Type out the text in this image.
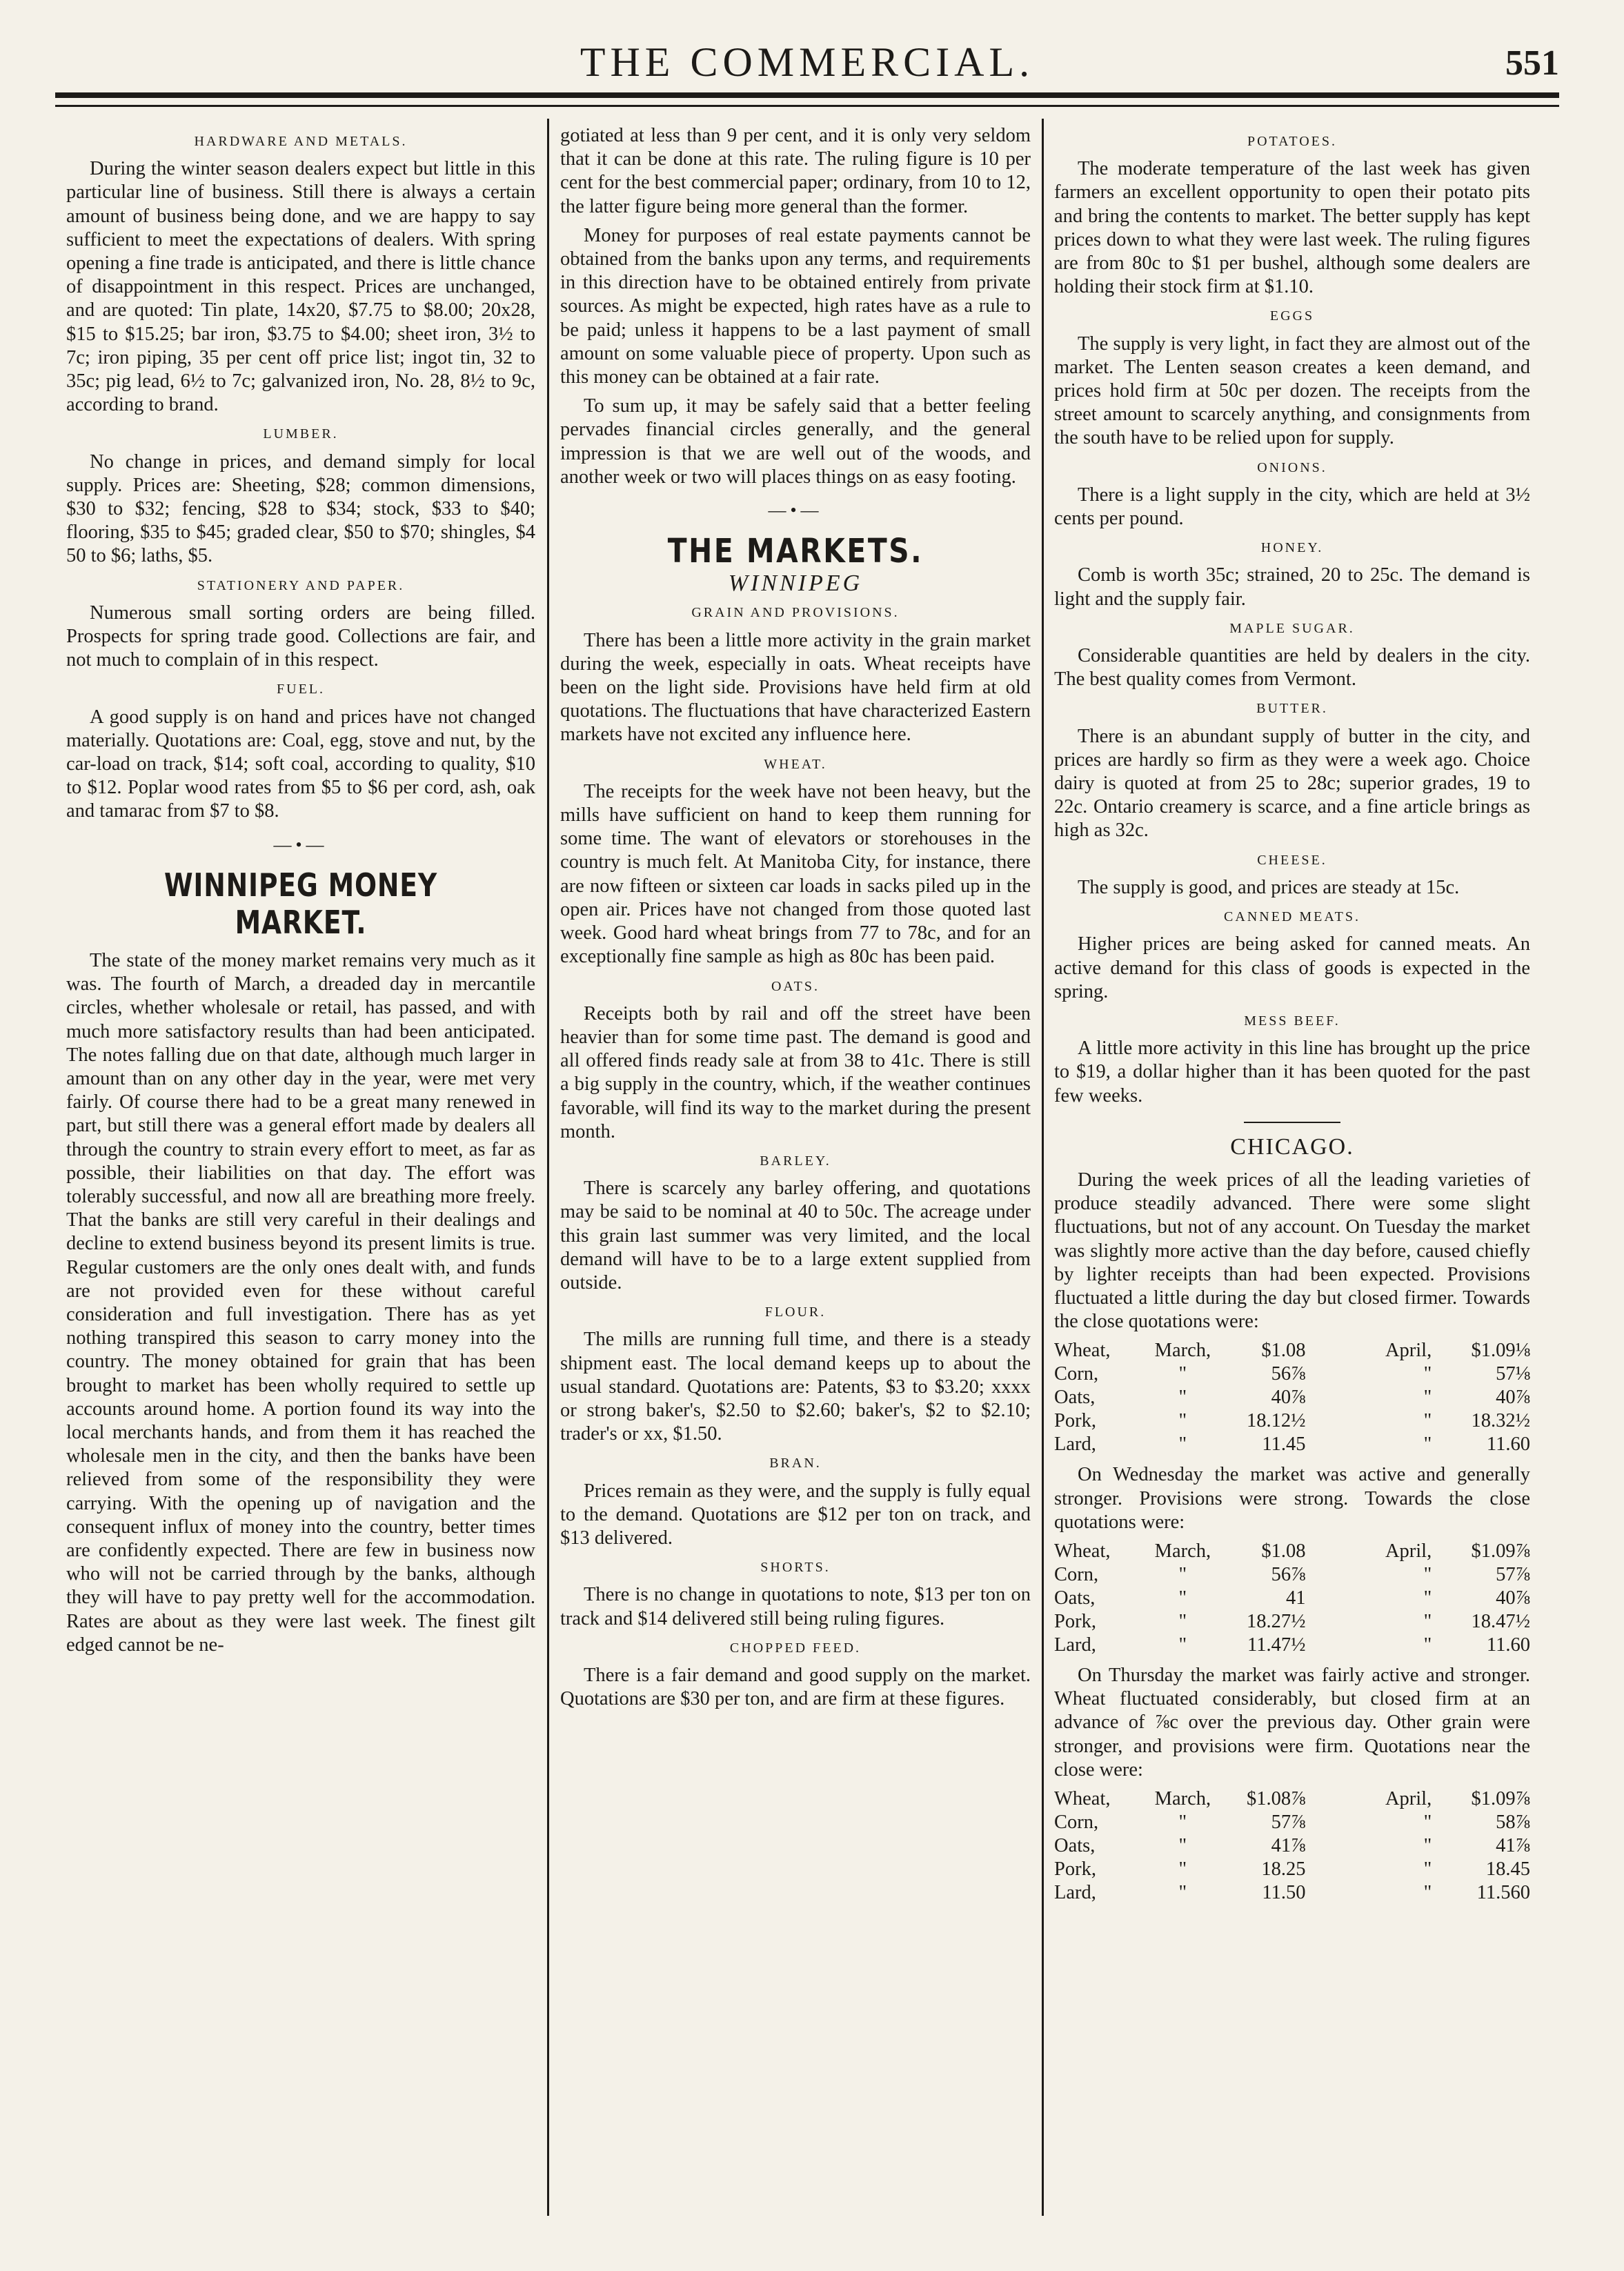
THE COMMERCIAL.	551
HARDWARE AND METALS.

During the winter season dealers expect but little in this particular line of business. Still there is always a certain amount of business being done, and we are happy to say sufficient to meet the expectations of dealers. With spring opening a fine trade is anticipated, and there is little chance of disappointment in this respect. Prices are unchanged, and are quoted: Tin plate, 14x20, $7.75 to $8.00; 20x28, $15 to $15.25; bar iron, $3.75 to $4.00; sheet iron, 3½ to 7c; iron piping, 35 per cent off price list; ingot tin, 32 to 35c; pig lead, 6½ to 7c; galvanized iron, No. 28, 8½ to 9c, according to brand.

LUMBER.

No change in prices, and demand simply for local supply. Prices are: Sheeting, $28; common dimensions, $30 to $32; fencing, $28 to $34; stock, $33 to $40; flooring, $35 to $45; graded clear, $50 to $70; shingles, $4 50 to $6; laths, $5.

STATIONERY AND PAPER.

Numerous small sorting orders are being filled. Prospects for spring trade good. Collections are fair, and not much to complain of in this respect.

FUEL.

A good supply is on hand and prices have not changed materially. Quotations are: Coal, egg, stove and nut, by the car-load on track, $14; soft coal, according to quality, $10 to $12. Poplar wood rates from $5 to $6 per cord, ash, oak and tamarac from $7 to $8.

—•—
WINNIPEG MONEY MARKET.

The state of the money market remains very much as it was. The fourth of March, a dreaded day in mercantile circles, whether wholesale or retail, has passed, and with much more satisfactory results than had been anticipated. The notes falling due on that date, although much larger in amount than on any other day in the year, were met very fairly. Of course there had to be a great many renewed in part, but still there was a general effort made by dealers all through the country to strain every effort to meet, as far as possible, their liabilities on that day. The effort was tolerably successful, and now all are breathing more freely. That the banks are still very careful in their dealings and decline to extend business beyond its present limits is true. Regular customers are the only ones dealt with, and funds are not provided even for these without careful consideration and full investigation. There has as yet nothing transpired this season to carry money into the country. The money obtained for grain that has been brought to market has been wholly required to settle up accounts around home. A portion found its way into the local merchants hands, and from them it has reached the wholesale men in the city, and then the banks have been relieved from some of the responsibility they were carrying. With the opening up of navigation and the consequent influx of money into the country, better times are confidently expected. There are few in business now who will not be carried through by the banks, although they will have to pay pretty well for the accommodation. Rates are about as they were last week. The finest gilt edged cannot be ne-

gotiated at less than 9 per cent, and it is only very seldom that it can be done at this rate. The ruling figure is 10 per cent for the best commercial paper; ordinary, from 10 to 12, the latter figure being more general than the former.

Money for purposes of real estate payments cannot be obtained from the banks upon any terms, and requirements in this direction have to be obtained entirely from private sources. As might be expected, high rates have as a rule to be paid; unless it happens to be a last payment of small amount on some valuable piece of property. Upon such as this money can be obtained at a fair rate.

To sum up, it may be safely said that a better feeling pervades financial circles generally, and the general impression is that we are well out of the woods, and another week or two will places things on as easy footing.

—•—
THE MARKETS.
WINNIPEG
GRAIN AND PROVISIONS.

There has been a little more activity in the grain market during the week, especially in oats. Wheat receipts have been on the light side. Provisions have held firm at old quotations. The fluctuations that have characterized Eastern markets have not excited any influence here.

WHEAT.

The receipts for the week have not been heavy, but the mills have sufficient on hand to keep them running for some time. The want of elevators or storehouses in the country is much felt. At Manitoba City, for instance, there are now fifteen or sixteen car loads in sacks piled up in the open air. Prices have not changed from those quoted last week. Good hard wheat brings from 77 to 78c, and for an exceptionally fine sample as high as 80c has been paid.

OATS.

Receipts both by rail and off the street have been heavier than for some time past. The demand is good and all offered finds ready sale at from 38 to 41c. There is still a big supply in the country, which, if the weather continues favorable, will find its way to the market during the present month.

BARLEY.

There is scarcely any barley offering, and quotations may be said to be nominal at 40 to 50c. The acreage under this grain last summer was very limited, and the local demand will have to be to a large extent supplied from outside.

FLOUR.

The mills are running full time, and there is a steady shipment east. The local demand keeps up to about the usual standard. Quotations are: Patents, $3 to $3.20; xxxx or strong baker's, $2.50 to $2.60; baker's, $2 to $2.10; trader's or xx, $1.50.

BRAN.

Prices remain as they were, and the supply is fully equal to the demand. Quotations are $12 per ton on track, and $13 delivered.

SHORTS.

There is no change in quotations to note, $13 per ton on track and $14 delivered still being ruling figures.

CHOPPED FEED.

There is a fair demand and good supply on the market. Quotations are $30 per ton, and are firm at these figures.

POTATOES.

The moderate temperature of the last week has given farmers an excellent opportunity to open their potato pits and bring the contents to market. The better supply has kept prices down to what they were last week. The ruling figures are from 80c to $1 per bushel, although some dealers are holding their stock firm at $1.10.

EGGS

The supply is very light, in fact they are almost out of the market. The Lenten season creates a keen demand, and prices hold firm at 50c per dozen. The receipts from the street amount to scarcely anything, and consignments from the south have to be relied upon for supply.

ONIONS.

There is a light supply in the city, which are held at 3½ cents per pound.

HONEY.

Comb is worth 35c; strained, 20 to 25c. The demand is light and the supply fair.

MAPLE SUGAR.

Considerable quantities are held by dealers in the city. The best quality comes from Vermont.

BUTTER.

There is an abundant supply of butter in the city, and prices are hardly so firm as they were a week ago. Choice dairy is quoted at from 25 to 28c; superior grades, 19 to 22c. Ontario creamery is scarce, and a fine article brings as high as 32c.

CHEESE.

The supply is good, and prices are steady at 15c.

CANNED MEATS.

Higher prices are being asked for canned meats. An active demand for this class of goods is expected in the spring.

MESS BEEF.

A little more activity in this line has brought up the price to $19, a dollar higher than it has been quoted for the past few weeks.

CHICAGO.

During the week prices of all the leading varieties of produce steadily advanced. There were some slight fluctuations, but not of any account. On Tuesday the market was slightly more active than the day before, caused chiefly by lighter receipts than had been expected. Provisions fluctuated a little during the day but closed firmer. Towards the close quotations were:

Wheat,	March,	$1.08	April,	$1.09⅛
Corn,	"	56⅞	"	57⅛
Oats,	"	40⅞	"	40⅞
Pork,	"	18.12½	"	18.32½
Lard,	"	11.45	"	11.60

On Wednesday the market was active and generally stronger. Provisions were strong. Towards the close quotations were:

Wheat,	March,	$1.08	April,	$1.09⅞
Corn,	"	56⅞	"	57⅞
Oats,	"	41	"	40⅞
Pork,	"	18.27½	"	18.47½
Lard,	"	11.47½	"	11.60

On Thursday the market was fairly active and stronger. Wheat fluctuated considerably, but closed firm at an advance of ⅞c over the previous day. Other grain were stronger, and provisions were firm. Quotations near the close were:

Wheat,	March,	$1.08⅞	April,	$1.09⅞
Corn,	"	57⅞	"	58⅞
Oats,	"	41⅞	"	41⅞
Pork,	"	18.25	"	18.45
Lard,	"	11.50	"	11.560
